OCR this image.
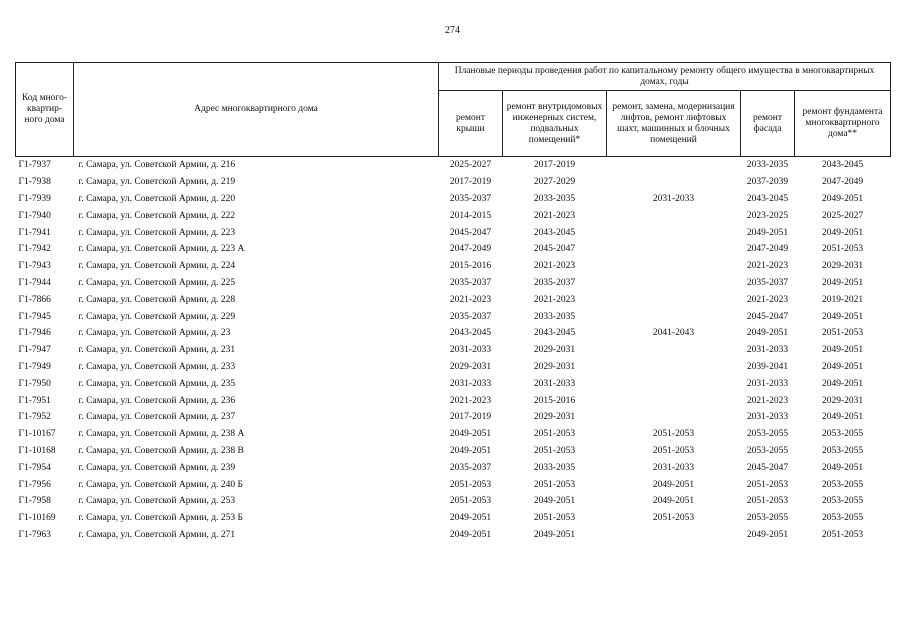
274
Код много-квартир-ного дома	Адрес многоквартирного дома	Плановые периоды проведения работ по капитальному ремонту общего имущества в многоквартирных домах, годы				
		ремонт крыши	ремонт внутридомовых инженерных систем, подвальных помещений*	ремонт, замена, модернизация лифтов, ремонт лифтовых шахт, машинных и блочных помещений	ремонт фасада	ремонт фундамента многоквартирного дома**
Г1-7937	г. Самара, ул. Советской Армии, д. 216	2025-2027	2017-2019		2033-2035	2043-2045
Г1-7938	г. Самара, ул. Советской Армии, д. 219	2017-2019	2027-2029		2037-2039	2047-2049
Г1-7939	г. Самара, ул. Советской Армии, д. 220	2035-2037	2033-2035	2031-2033	2043-2045	2049-2051
Г1-7940	г. Самара, ул. Советской Армии, д. 222	2014-2015	2021-2023		2023-2025	2025-2027
Г1-7941	г. Самара, ул. Советской Армии, д. 223	2045-2047	2043-2045		2049-2051	2049-2051
Г1-7942	г. Самара, ул. Советской Армии, д. 223 А	2047-2049	2045-2047		2047-2049	2051-2053
Г1-7943	г. Самара, ул. Советской Армии, д. 224	2015-2016	2021-2023		2021-2023	2029-2031
Г1-7944	г. Самара, ул. Советской Армии, д. 225	2035-2037	2035-2037		2035-2037	2049-2051
Г1-7866	г. Самара, ул. Советской Армии, д. 228	2021-2023	2021-2023		2021-2023	2019-2021
Г1-7945	г. Самара, ул. Советской Армии, д. 229	2035-2037	2033-2035		2045-2047	2049-2051
Г1-7946	г. Самара, ул. Советской Армии, д. 23	2043-2045	2043-2045	2041-2043	2049-2051	2051-2053
Г1-7947	г. Самара, ул. Советской Армии, д. 231	2031-2033	2029-2031		2031-2033	2049-2051
Г1-7949	г. Самара, ул. Советской Армии, д. 233	2029-2031	2029-2031		2039-2041	2049-2051
Г1-7950	г. Самара, ул. Советской Армии, д. 235	2031-2033	2031-2033		2031-2033	2049-2051
Г1-7951	г. Самара, ул. Советской Армии, д. 236	2021-2023	2015-2016		2021-2023	2029-2031
Г1-7952	г. Самара, ул. Советской Армии, д. 237	2017-2019	2029-2031		2031-2033	2049-2051
Г1-10167	г. Самара, ул. Советской Армии, д. 238 А	2049-2051	2051-2053	2051-2053	2053-2055	2053-2055
Г1-10168	г. Самара, ул. Советской Армии, д. 238 В	2049-2051	2051-2053	2051-2053	2053-2055	2053-2055
Г1-7954	г. Самара, ул. Советской Армии, д. 239	2035-2037	2033-2035	2031-2033	2045-2047	2049-2051
Г1-7956	г. Самара, ул. Советской Армии, д. 240 Б	2051-2053	2051-2053	2049-2051	2051-2053	2053-2055
Г1-7958	г. Самара, ул. Советской Армии, д. 253	2051-2053	2049-2051	2049-2051	2051-2053	2053-2055
Г1-10169	г. Самара, ул. Советской Армии, д. 253 Б	2049-2051	2051-2053	2051-2053	2053-2055	2053-2055
Г1-7963	г. Самара, ул. Советской Армии, д. 271	2049-2051	2049-2051		2049-2051	2051-2053
